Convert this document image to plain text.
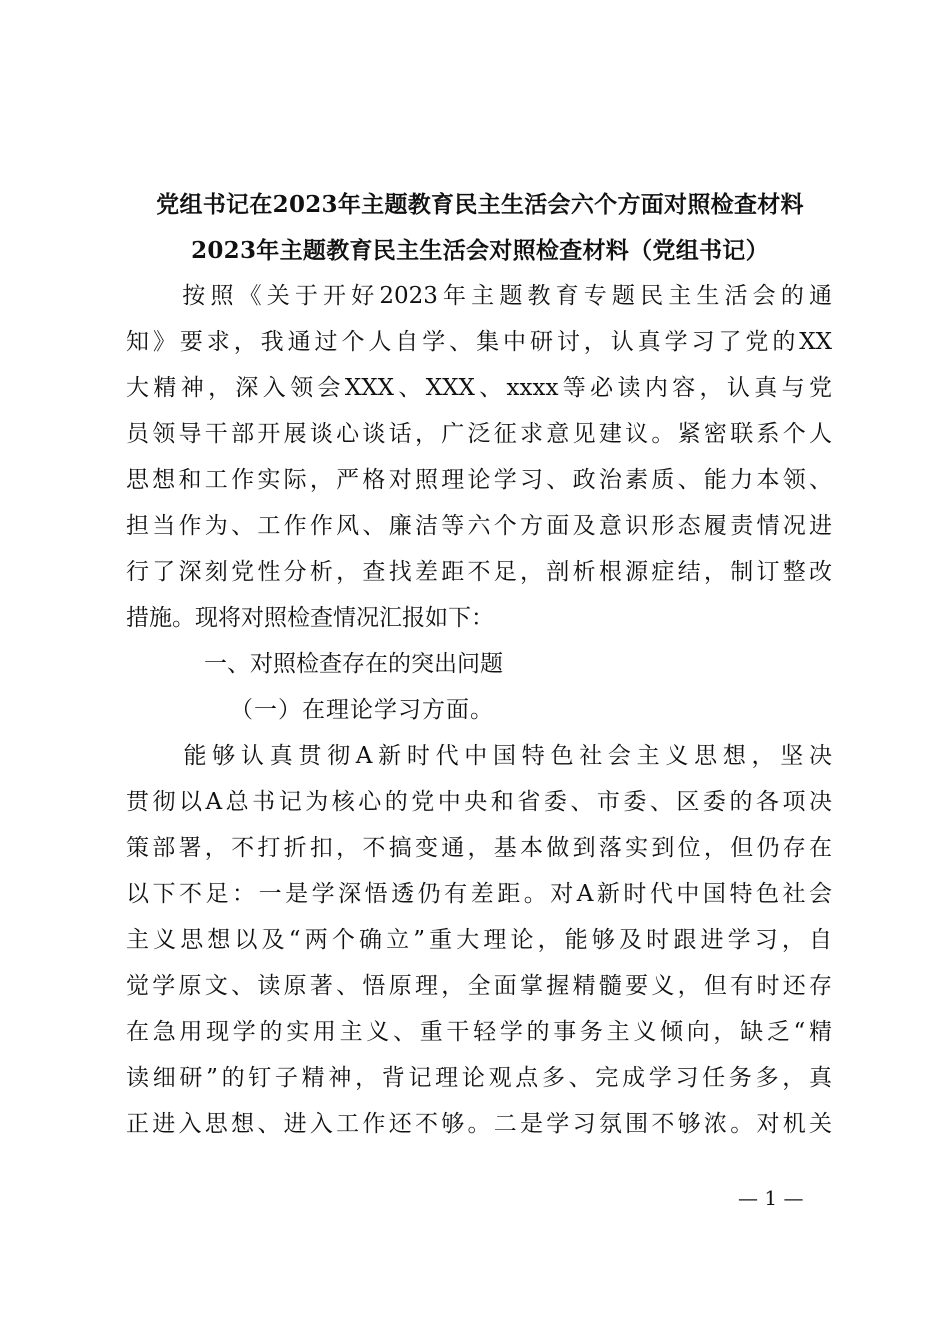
党组书记在2023年主题教育民主生活会六个方面对照检查材料
2023年主题教育民主生活会对照检查材料（党组书记）
　　按照《关于开好2023年主题教育专题民主生活会的通
知》要求，我通过个人自学、集中研讨，认真学习了党的XX
大精神，深入领会XXX、XXX、xxxx等必读内容，认真与党
员领导干部开展谈心谈话，广泛征求意见建议。紧密联系个人
思想和工作实际，严格对照理论学习、政治素质、能力本领、
担当作为、工作作风、廉洁等六个方面及意识形态履责情况进
行了深刻党性分析，查找差距不足，剖析根源症结，制订整改
措施。现将对照检查情况汇报如下：
一、对照检查存在的突出问题
（一）在理论学习方面。
　　能够认真贯彻A新时代中国特色社会主义思想，坚决
贯彻以A总书记为核心的党中央和省委、市委、区委的各项决
策部署，不打折扣，不搞变通，基本做到落实到位，但仍存在
以下不足：一是学深悟透仍有差距。对A新时代中国特色社会
主义思想以及“两个确立”重大理论，能够及时跟进学习，自
觉学原文、读原著、悟原理，全面掌握精髓要义，但有时还存
在急用现学的实用主义、重干轻学的事务主义倾向，缺乏“精
读细研”的钉子精神，背记理论观点多、完成学习任务多，真
正进入思想、进入工作还不够。二是学习氛围不够浓。对机关
— 1 —
